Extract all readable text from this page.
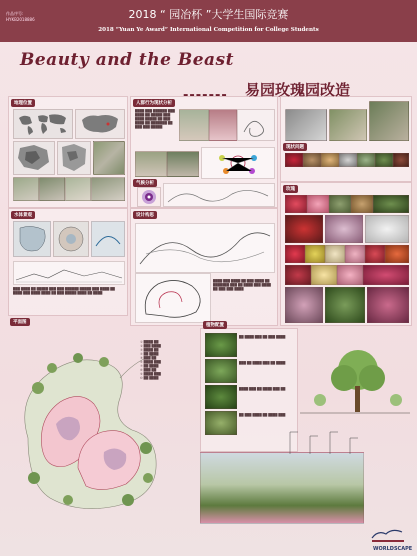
作品序号:
HYKB2018886	2018 “ 园冶杯 ”大学生国际竞赛
2018 “Yuan Ye Award” International Competition for College Students
Beauty and the Beast
------- 易园玫瑰园改造
地理位置	人群行为现状分析
████ ███ ██████ ███ ████ ██ █████ ███ ████ █████ ██ ███ ████ ██ ███████ ██ ███ ███ █████
气候分析
现状问题
玫瑰
水体景观
███ ████ ██ █████ ███ ███ ██████ █████ ███ ████ ██ ████ ███ ████ ████ ██ ███ █████ ████ ██ ████
设计构思
████ ███ ████ ██ ███ ████ ██ ███████ ███ ██ ████ ███ ████ ██ ███ ███ ████
平面图
① ████ ██
② ███ ████
③ ████ ██
④ ██ ████
⑤ ███ ██
⑥ ████ ███
⑦ ██ ████
⑧ ███ ██
⑨ ████ ███
⑩ ██ ████
植物配置
██ ████ ███ ██ ███ ████
███ ██ ████ ███ ██ ████
████ ███ ██ ████ ███ ██
██ ███ ████ ██ ████ ███
WORLDSCAPE
